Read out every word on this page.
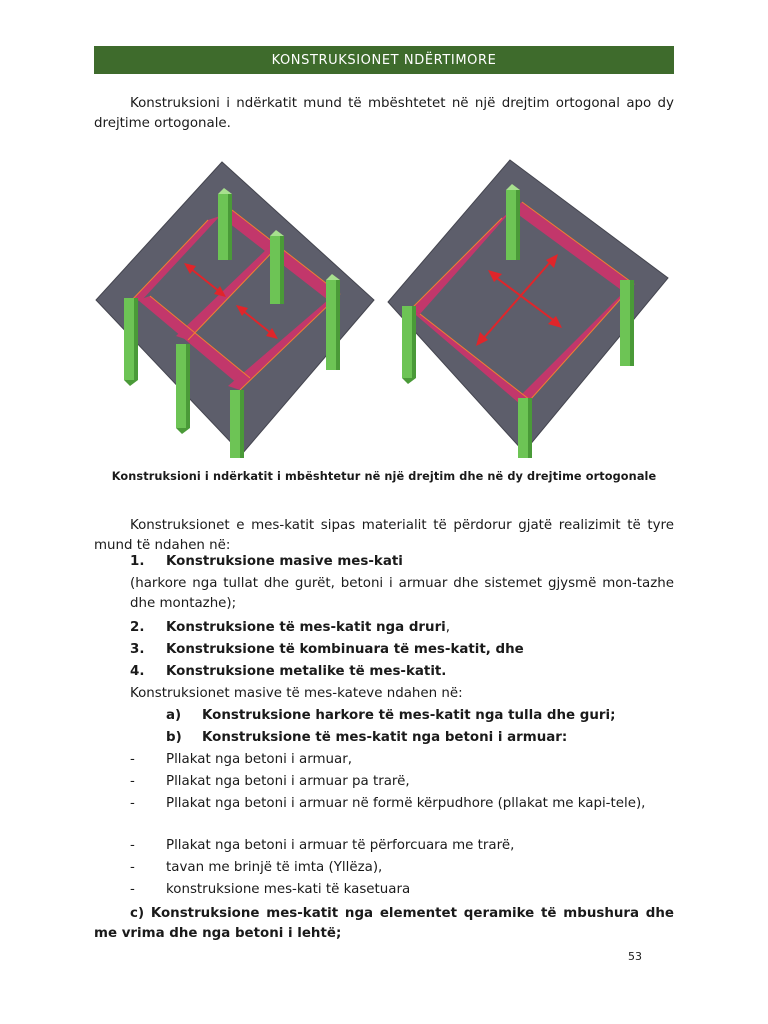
KONSTRUKSIONET NDËRTIMORE
Konstruksioni i ndërkatit mund të mbështetet në një drejtim ortogonal apo dy drejtime ortogonale.
Konstruksioni i ndërkatit i mbështetur në një drejtim dhe në dy drejtime ortogonale
Konstruksionet e mes-katit sipas materialit të përdorur gjatë realizimit të tyre mund të ndahen në:
1. Konstruksione masive mes-kati
(harkore nga tullat dhe gurët, betoni i armuar dhe sistemet gjysmë mon-tazhe dhe montazhe);
2. Konstruksione të mes-katit nga druri,
3. Konstruksione të kombinuara të mes-katit, dhe
4. Konstruksione metalike të mes-katit.
Konstruksionet masive të mes-kateve ndahen në:
a) Konstruksione harkore të mes-katit nga tulla dhe guri;
b) Konstruksione të mes-katit nga betoni i armuar:
- Pllakat nga betoni i armuar,
- Pllakat nga betoni i armuar pa trarë,
- Pllakat nga betoni i armuar në formë kërpudhore (pllakat me kapi-tele),
- Pllakat nga betoni i armuar të përforcuara me trarë,
- tavan me brinjë të imta (Yllëza),
- konstruksione mes-kati të kasetuara
c) Konstruksione mes-katit nga elementet qeramike të mbushura dhe me vrima dhe nga betoni i lehtë;
53
